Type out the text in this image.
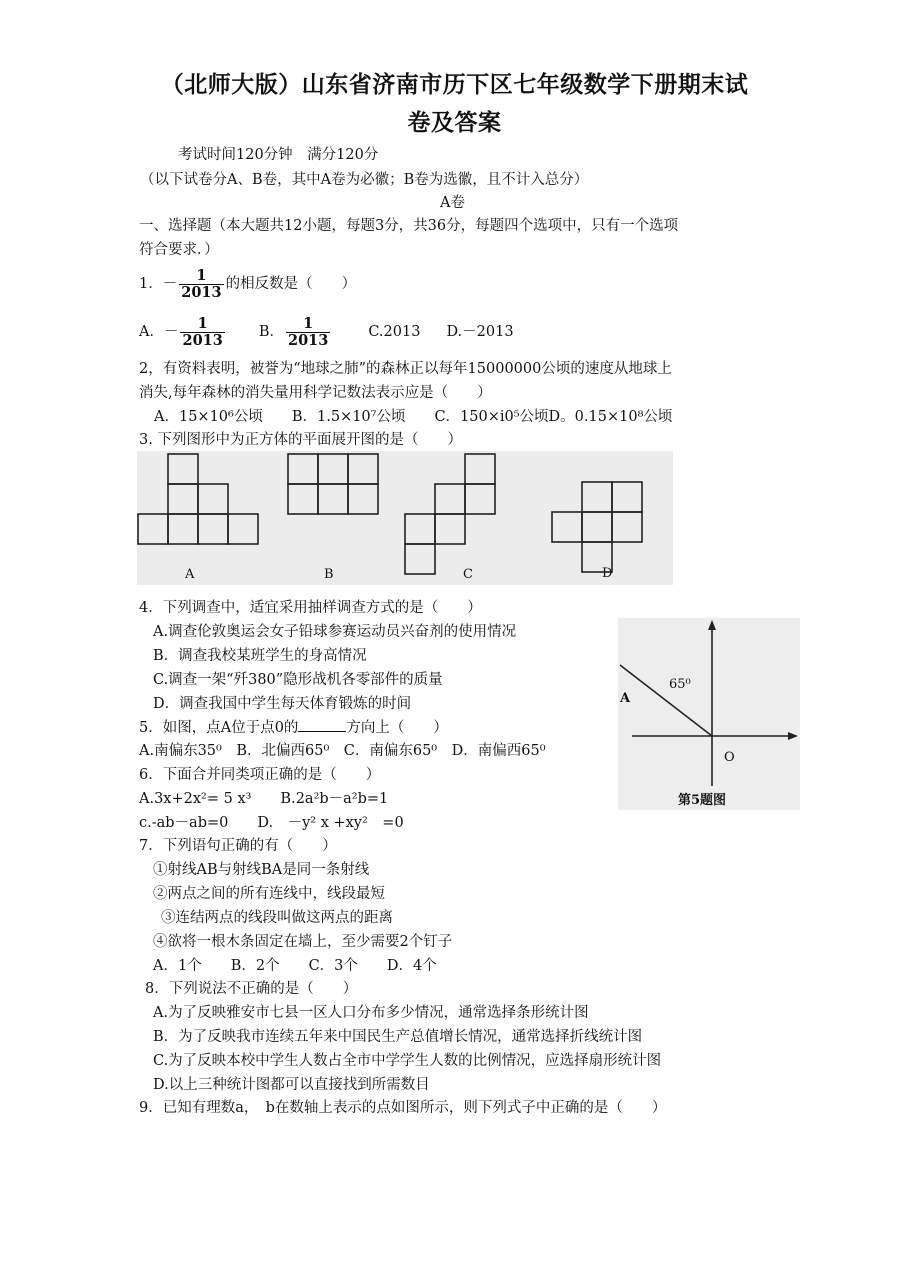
（北师大版）山东省济南市历下区七年级数学下册期末试
卷及答案
考试时间120分钟　满分120分
（以下试卷分A、B卷，其中A卷为必徽；B卷为选徽，且不计入总分）
A卷
一、选择题（本大题共12小题，每题3分，共36分，每题四个选项中，只有一个选项
符合要求．）
1．－ $\frac{1}{2013}$ 的相反数是（　　）
A．－ $\frac{1}{2013}$ B． $\frac{1}{2013}$	C.2013 D.－2013
2，有资料表明，被誉为“地球之肺”的森林正以每年15000000公顷的速度从地球上
消失,每年森林的消失量用科学记数法表示应是（　　）
A．15×10⁶公顷　　B．1.5×10⁷公顷　　C．150×i0⁵公顷D。0.15×10⁸公顷
3. 下列图形中为正方体的平面展开图的是（　　）
A	B	C	D
4．下列调查中，适宜采用抽样调查方式的是（　　）
A.调查伦敦奥运会女子铅球参赛运动员兴奋剂的使用情况
B．调查我校某班学生的身高情况
C.调查一架“歼380”隐形战机各零部件的质量
D．调查我国中学生每天体育锻炼的时间
5．如图，点A位于点0的	方向上（　　）
A.南偏东35⁰　B．北偏西65⁰　C．南偏东65⁰　D．南偏西65⁰
65⁰
A
O
第5题图
6．下面合并同类项正确的是（　　）
A.3x+2x²= 5 x³　　B.2a²b－a²b=1
c.-ab－ab=0　　D.　－y² x +xy²　=0
7．下列语句正确的有（　　）
①射线AB与射线BA是同一条射线
②两点之间的所有连线中，线段最短
③连结两点的线段叫做这两点的距离
④欲将一根木条固定在墙上，至少需要2个钉子
A．1个　　B．2个　　C．3个　　D．4个
8．下列说法不正确的是（　　）
A.为了反映雅安市七县一区人口分布多少情况，通常选择条形统计图
B．为了反映我市连续五年来中国民生产总值增长情况，通常选择折线统计图
C.为了反映本校中学生人数占全市中学学生人数的比例情况，应选择扇形统计图
D.以上三种统计图都可以直接找到所需数目
9．已知有理数a，　b在数轴上表示的点如图所示，则下列式子中正确的是（　　）
